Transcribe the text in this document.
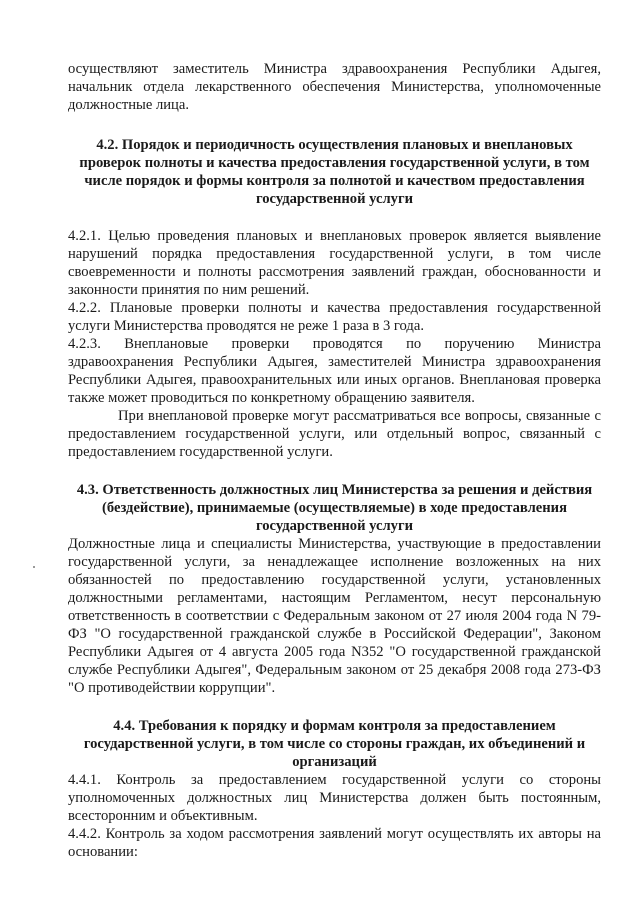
осуществляют заместитель Министра здравоохранения Республики Адыгея, начальник отдела лекарственного обеспечения Министерства, уполномоченные должностные лица.

4.2. Порядок и периодичность осуществления плановых и внеплановых проверок полноты и качества предоставления государственной услуги, в том числе порядок и формы контроля за полнотой и качеством предоставления государственной услуги

4.2.1. Целью проведения плановых и внеплановых проверок является выявление нарушений порядка предоставления государственной услуги, в том числе своевременности и полноты рассмотрения заявлений граждан, обоснованности и законности принятия по ним решений.

4.2.2. Плановые проверки полноты и качества предоставления государственной услуги Министерства проводятся не реже 1 раза в 3 года.

4.2.3. Внеплановые проверки проводятся по поручению Министра

здравоохранения Республики Адыгея, заместителей Министра здравоохранения Республики Адыгея, правоохранительных или иных органов. Внеплановая проверка также может проводиться по конкретному обращению заявителя.

При внеплановой проверке могут рассматриваться все вопросы, связанные с предоставлением государственной услуги, или отдельный вопрос, связанный с предоставлением государственной услуги.

4.3. Ответственность должностных лиц Министерства за решения и действия (бездействие), принимаемые (осуществляемые) в ходе предоставления государственной услуги

Должностные лица и специалисты Министерства, участвующие в предоставлении государственной услуги, за ненадлежащее исполнение возложенных на них обязанностей по предоставлению государственной услуги, установленных должностными регламентами, настоящим Регламентом, несут персональную ответственность в соответствии с Федеральным законом от 27 июля 2004 года N 79-ФЗ "О государственной гражданской службе в Российской Федерации", Законом Республики Адыгея от 4 августа 2005 года N352 "О государственной гражданской службе Республики Адыгея", Федеральным законом от 25 декабря 2008 года 273-ФЗ "О противодействии коррупции".

4.4. Требования к порядку и формам контроля за предоставлением государственной услуги, в том числе со стороны граждан, их объединений и организаций

4.4.1. Контроль за предоставлением государственной услуги со стороны уполномоченных должностных лиц Министерства должен быть постоянным, всесторонним и объективным.

4.4.2. Контроль за ходом рассмотрения заявлений могут осуществлять их авторы на основании:
